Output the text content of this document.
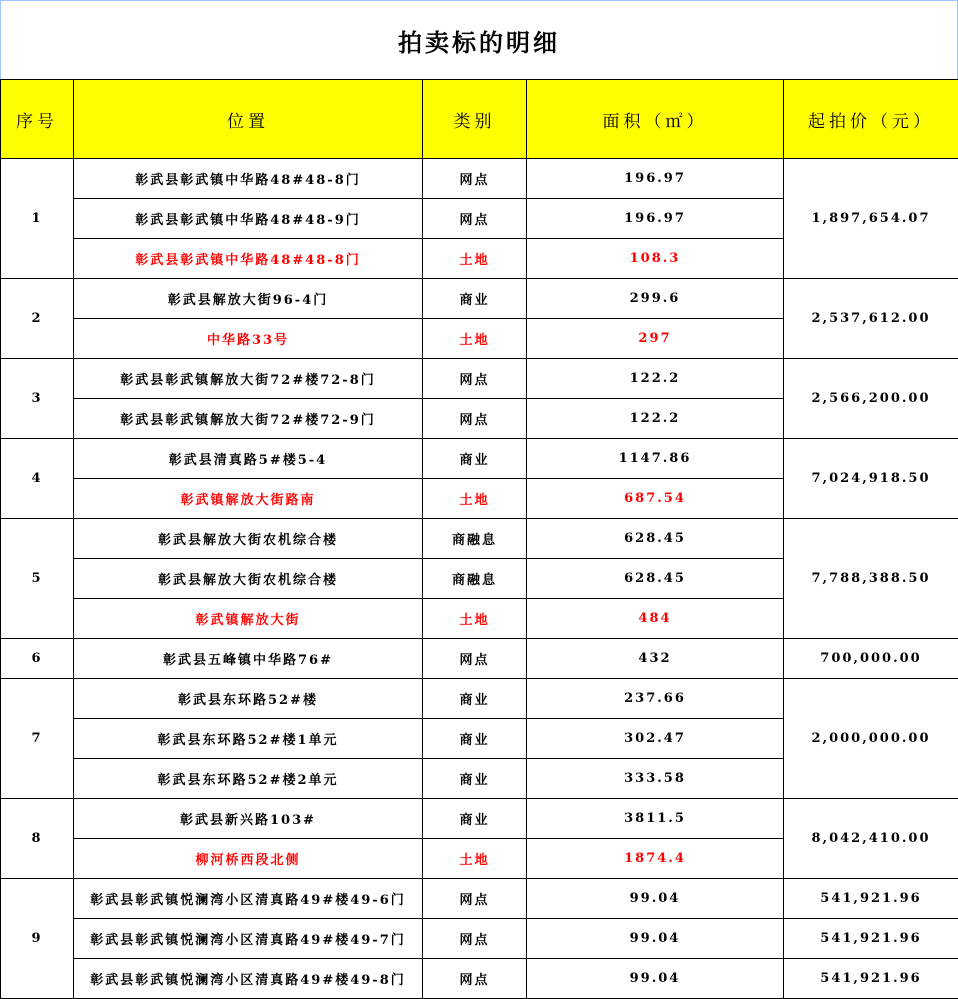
拍卖标的明细
序号	位置	类别	面积（㎡）	起拍价（元）
1	彰武县彰武镇中华路48#48-8门	网点	196.97	1,897,654.07
	彰武县彰武镇中华路48#48-9门	网点	196.97	
	彰武县彰武镇中华路48#48-8门	土地	108.3	
2	彰武县解放大街96-4门	商业	299.6	2,537,612.00
	中华路33号	土地	297	
3	彰武县彰武镇解放大街72#楼72-8门	网点	122.2	2,566,200.00
	彰武县彰武镇解放大街72#楼72-9门	网点	122.2	
4	彰武县清真路5#楼5-4	商业	1147.86	7,024,918.50
	彰武镇解放大街路南	土地	687.54	
5	彰武县解放大街农机综合楼	商融息	628.45	7,788,388.50
	彰武县解放大街农机综合楼	商融息	628.45	
	彰武镇解放大街	土地	484	
6	彰武县五峰镇中华路76#	网点	432	700,000.00
7	彰武县东环路52#楼	商业	237.66	2,000,000.00
	彰武县东环路52#楼1单元	商业	302.47	
	彰武县东环路52#楼2单元	商业	333.58	
8	彰武县新兴路103#	商业	3811.5	8,042,410.00
	柳河桥西段北侧	土地	1874.4	
9	彰武县彰武镇悦澜湾小区清真路49#楼49-6门	网点	99.04	541,921.96
	彰武县彰武镇悦澜湾小区清真路49#楼49-7门	网点	99.04	541,921.96
	彰武县彰武镇悦澜湾小区清真路49#楼49-8门	网点	99.04	541,921.96
